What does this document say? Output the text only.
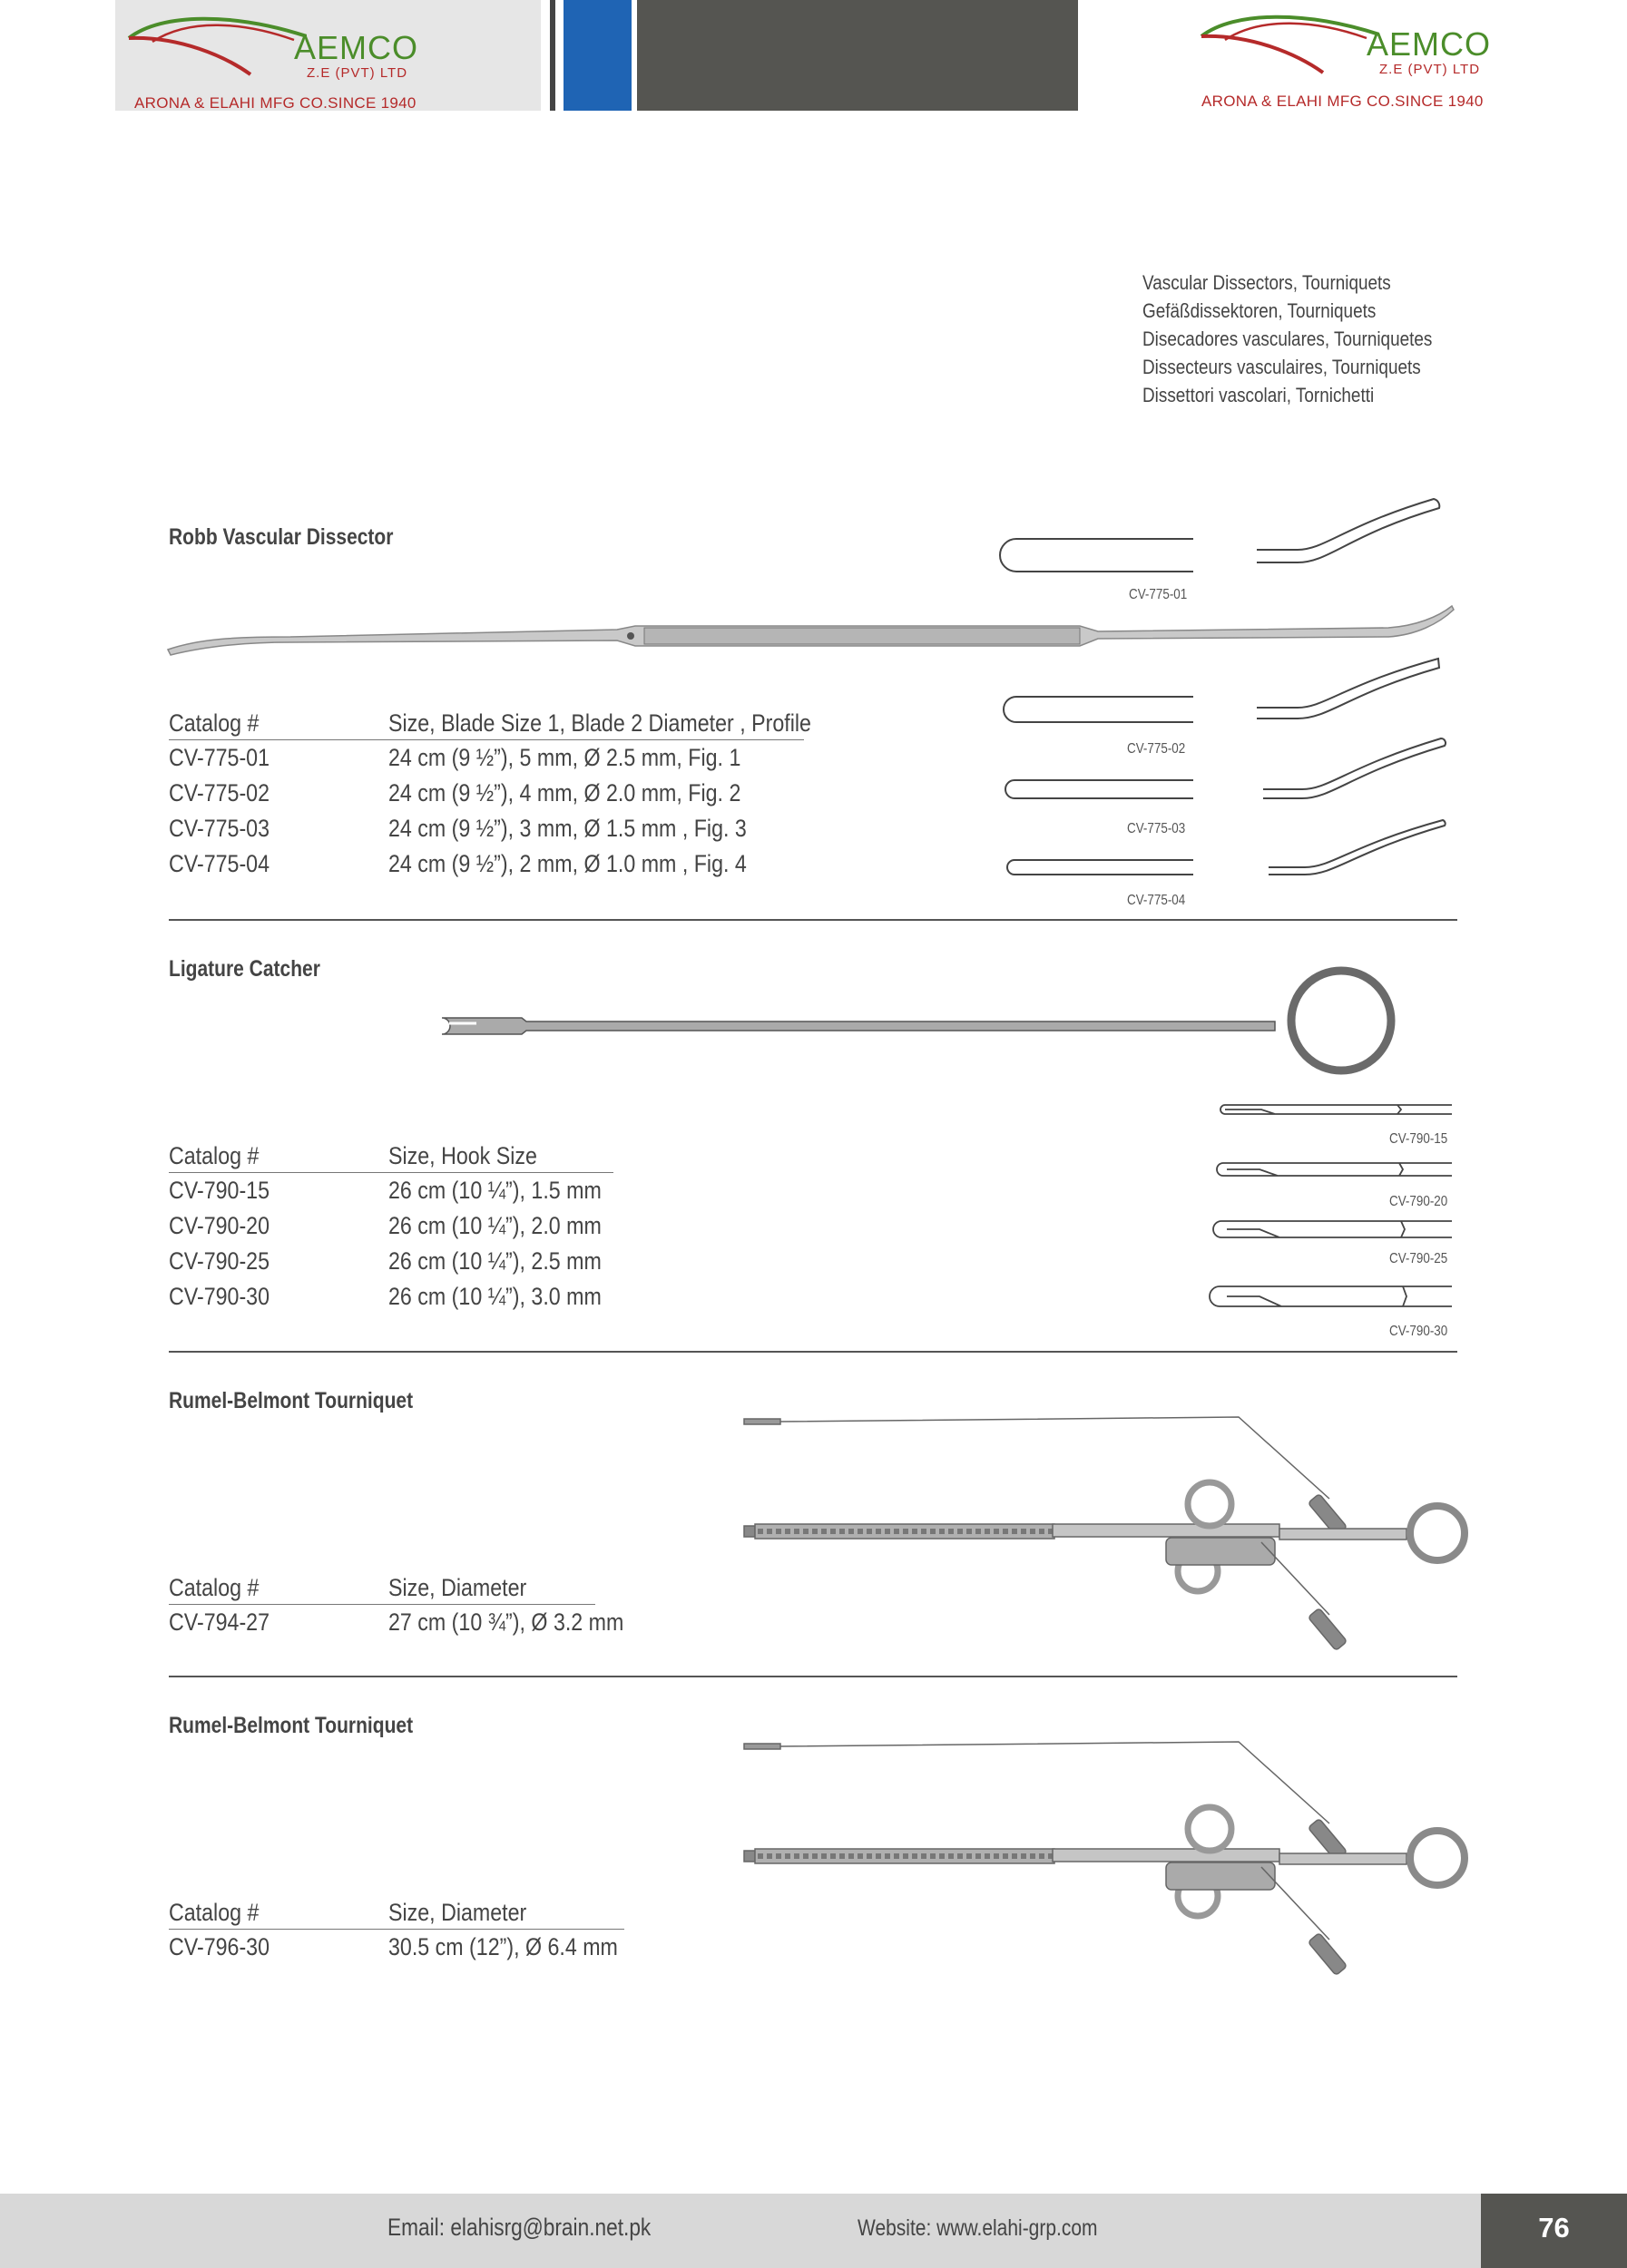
AEMCO
Z.E (PVT) LTD
ARONA & ELAHI MFG CO.SINCE 1940
AEMCO
Z.E (PVT) LTD
ARONA & ELAHI MFG CO.SINCE 1940
Vascular Dissectors, Tourniquets
Gefäßdissektoren, Tourniquets
Disecadores vasculares, Tourniquetes
Dissecteurs vasculaires, Tourniquets
Dissettori vascolari, Tornichetti
Robb Vascular Dissector
CV-775-01
CV-775-02
CV-775-03
CV-775-04
Catalog #	Size, Blade Size 1, Blade 2 Diameter , Profile
CV-775-01	24 cm (9 ½”), 5 mm, Ø 2.5 mm, Fig. 1
CV-775-02	24 cm (9 ½”), 4 mm, Ø 2.0 mm, Fig. 2
CV-775-03	24 cm (9 ½”), 3 mm, Ø 1.5 mm , Fig. 3
CV-775-04	24 cm (9 ½”), 2 mm, Ø 1.0 mm , Fig. 4
Ligature Catcher
CV-790-15
CV-790-20
CV-790-25
CV-790-30
Catalog #	Size, Hook Size
CV-790-15	26 cm (10 ¼”), 1.5 mm
CV-790-20	26 cm (10 ¼”), 2.0 mm
CV-790-25	26 cm (10 ¼”), 2.5 mm
CV-790-30	26 cm (10 ¼”), 3.0 mm
Rumel-Belmont Tourniquet
Catalog #	Size, Diameter
CV-794-27	27 cm (10 ¾”), Ø 3.2 mm
Rumel-Belmont Tourniquet
Catalog #	Size, Diameter
CV-796-30	30.5 cm (12”), Ø 6.4 mm
Email: elahisrg@brain.net.pk	Website: www.elahi-grp.com	76
